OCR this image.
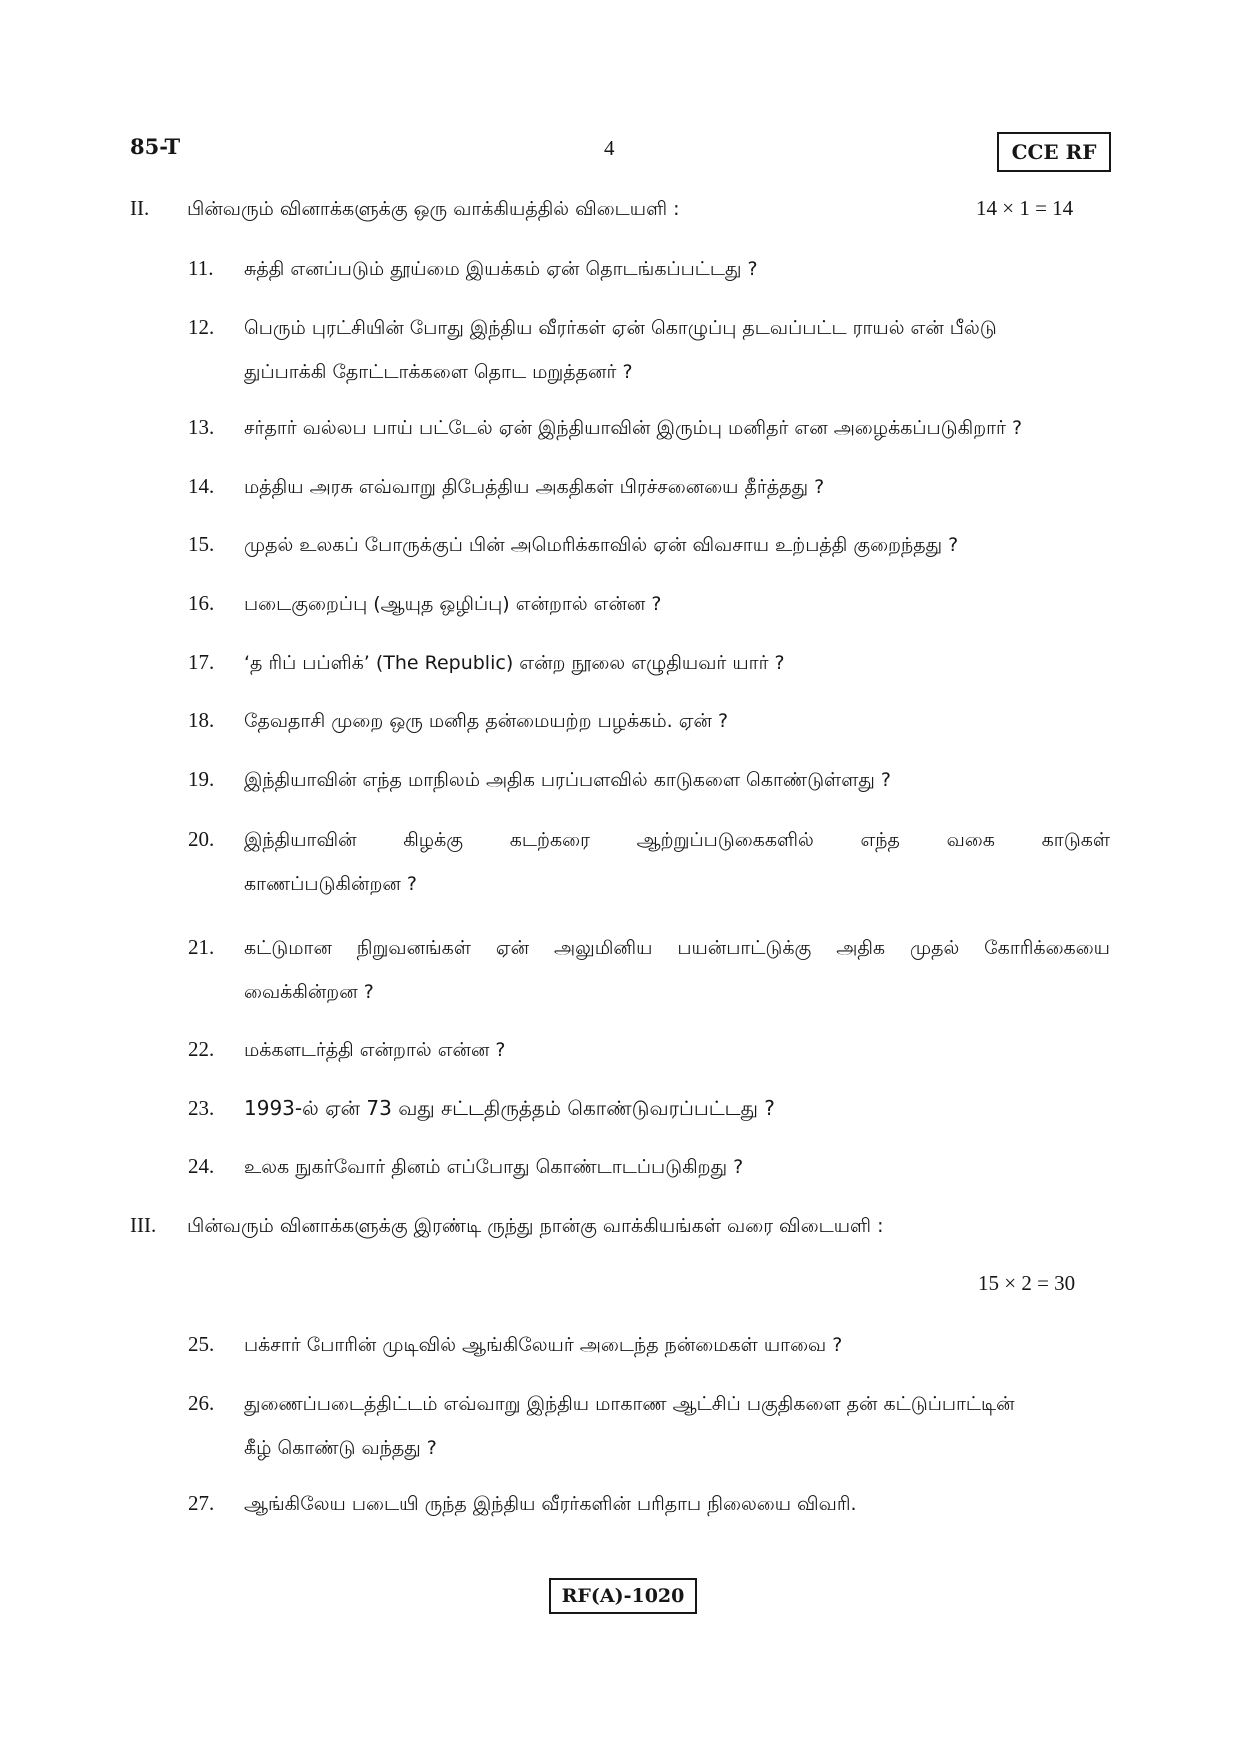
85-T	4	CCE RF
II. பின்வரும் வினாக்களுக்கு ஒரு வாக்கியத்தில் விடையளி :	14 × 1 = 14
11. சுத்தி எனப்படும் தூய்மை இயக்கம் ஏன் தொடங்கப்பட்டது ?
12. பெரும் புரட்சியின் போது இந்திய வீரர்கள் ஏன் கொழுப்பு தடவப்பட்ட ராயல் என் பீல்டு
துப்பாக்கி தோட்டாக்களை தொட மறுத்தனர் ?
13. சர்தார் வல்லப பாய் பட்டேல் ஏன் இந்தியாவின் இரும்பு மனிதர் என அழைக்கப்படுகிறார் ?
14. மத்திய அரசு எவ்வாறு திபேத்திய அகதிகள் பிரச்சனையை தீர்த்தது ?
15. முதல் உலகப் போருக்குப் பின் அமெரிக்காவில் ஏன் விவசாய உற்பத்தி குறைந்தது ?
16. படைகுறைப்பு (ஆயுத ஒழிப்பு) என்றால் என்ன ?
17. ‘த ரிப் பப்ளிக்’ (The Republic) என்ற நூலை எழுதியவர் யார் ?
18. தேவதாசி முறை ஒரு மனித தன்மையற்ற பழக்கம். ஏன் ?
19. இந்தியாவின் எந்த மாநிலம் அதிக பரப்பளவில் காடுகளை கொண்டுள்ளது ?
20. இந்தியாவின் கிழக்கு கடற்கரை ஆற்றுப்படுகைகளில் எந்த வகை காடுகள்
காணப்படுகின்றன ?
21. கட்டுமான நிறுவனங்கள் ஏன் அலுமினிய பயன்பாட்டுக்கு அதிக முதல் கோரிக்கையை
வைக்கின்றன ?
22. மக்களடர்த்தி என்றால் என்ன ?
23. 1993-ல் ஏன் 73 வது சட்டதிருத்தம் கொண்டுவரப்பட்டது ?
24. உலக நுகர்வோர் தினம் எப்போது கொண்டாடப்படுகிறது ?
III. பின்வரும் வினாக்களுக்கு இரண்டி ருந்து நான்கு வாக்கியங்கள் வரை விடையளி :
15 × 2 = 30
25. பக்சார் போரின் முடிவில் ஆங்கிலேயர் அடைந்த நன்மைகள் யாவை ?
26. துணைப்படைத்திட்டம் எவ்வாறு இந்திய மாகாண ஆட்சிப் பகுதிகளை தன் கட்டுப்பாட்டின்
கீழ் கொண்டு வந்தது ?
27. ஆங்கிலேய படையி ருந்த இந்திய வீரர்களின் பரிதாப நிலையை விவரி.
RF(A)-1020
